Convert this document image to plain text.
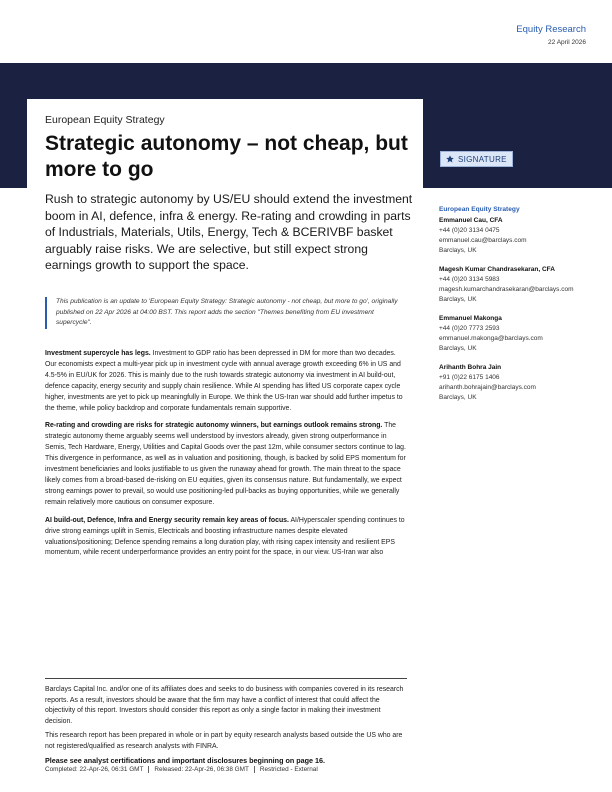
Equity Research
22 April 2026
European Equity Strategy
Strategic autonomy – not cheap, but more to go	SIGNATURE
Rush to strategic autonomy by US/EU should extend the investment boom in AI, defence, infra & energy. Re-rating and crowding in parts of Industrials, Materials, Utils, Energy, Tech & BCERIVBF basket arguably raise risks. We are selective, but still expect strong earnings growth to support the space.
This publication is an update to 'European Equity Strategy: Strategic autonomy - not cheap, but more to go', originally published on 22 Apr 2026 at 04:00 BST. This report adds the section "Themes benefiting from EU investment supercycle".

Investment supercycle has legs. Investment to GDP ratio has been depressed in DM for more than two decades. Our economists expect a multi-year pick up in investment cycle with annual average growth exceeding 6% in US and 4.5-5% in EU/UK for 2026. This is mainly due to the rush towards strategic autonomy via investment in AI build-out, defence capacity, energy security and supply chain resilience. While AI spending has lifted US corporate capex cycle higher, investments are yet to pick up meaningfully in Europe. We think the US-Iran war should add further impetus to the theme, while policy backdrop and corporate fundamentals remain supportive.

Re-rating and crowding are risks for strategic autonomy winners, but earnings outlook remains strong. The strategic autonomy theme arguably seems well understood by investors already, given strong outperformance in Semis, Tech Hardware, Energy, Utilities and Capital Goods over the past 12m, while consumer sectors continue to lag. This divergence in performance, as well as in valuation and positioning, though, is backed by solid EPS momentum for investment beneficiaries and looks justifiable to us given the runaway ahead for growth. The main threat to the space likely comes from a broad-based de-risking on EU equities, given its consensus nature. But fundamentally, we expect strong earnings power to prevail, so would use positioning-led pull-backs as buying opportunities, while we generally remain relatively more cautious on consumer exposure.

AI build-out, Defence, Infra and Energy security remain key areas of focus. AI/Hyperscaler spending continues to drive strong earnings uplift in Semis, Electricals and boosting infrastructure names despite elevated valuations/positioning; Defence spending remains a long duration play, with rising capex intensity and resilient EPS momentum, while recent underperformance provides an entry point for the space, in our view. US-Iran war also

European Equity Strategy
Emmanuel Cau, CFA
+44 (0)20 3134 0475
emmanuel.cau@barclays.com
Barclays, UK
Magesh Kumar Chandrasekaran, CFA
+44 (0)20 3134 5983
magesh.kumarchandrasekaran@barclays.com
Barclays, UK
Emmanuel Makonga
+44 (0)20 7773 2593
emmanuel.makonga@barclays.com
Barclays, UK
Arihanth Bohra Jain
+91 (0)22 6175 1406
arihanth.bohrajain@barclays.com
Barclays, UK

Barclays Capital Inc. and/or one of its affiliates does and seeks to do business with companies covered in its research reports. As a result, investors should be aware that the firm may have a conflict of interest that could affect the objectivity of this report. Investors should consider this report as only a single factor in making their investment decision.

This research report has been prepared in whole or in part by equity research analysts based outside the US who are not registered/qualified as research analysts with FINRA.

Please see analyst certifications and important disclosures beginning on page 16.

Completed: 22-Apr-26, 06:31 GMT	Released: 22-Apr-26, 06:38 GMT	Restricted - External
